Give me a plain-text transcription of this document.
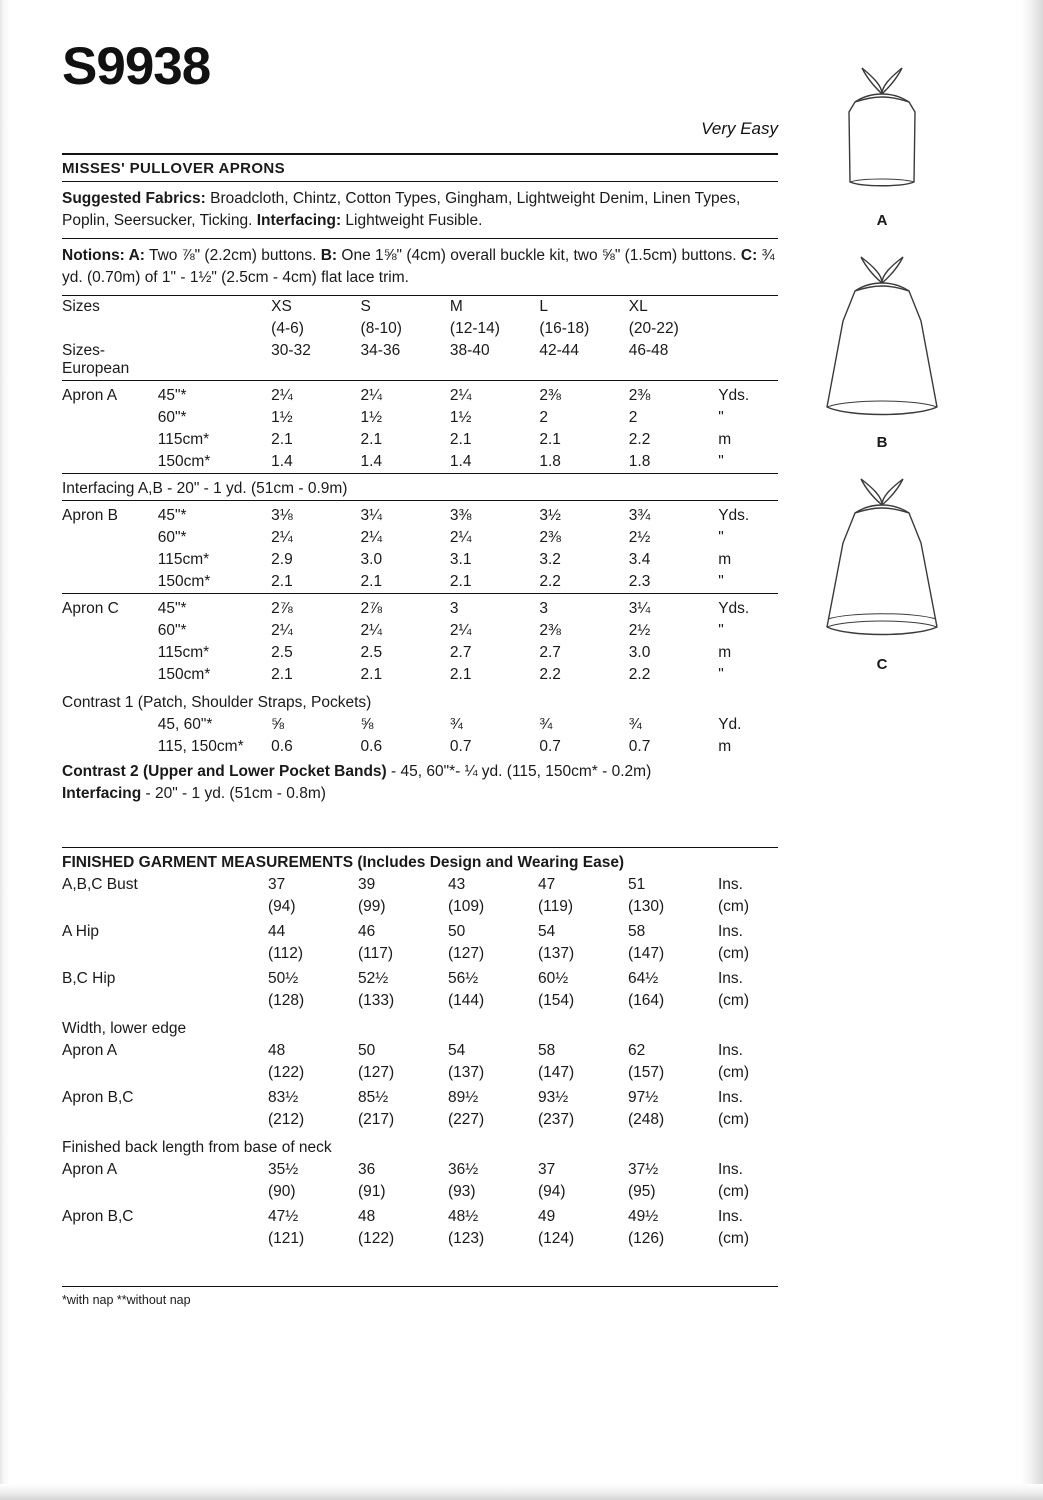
S9938
Very Easy
MISSES' PULLOVER APRONS
Suggested Fabrics: Broadcloth, Chintz, Cotton Types, Gingham, Lightweight Denim, Linen Types, Poplin, Seersucker, Ticking. Interfacing: Lightweight Fusible.
Notions: A: Two ⅞" (2.2cm) buttons. B: One 1⅝" (4cm) overall buckle kit, two ⅝" (1.5cm) buttons. C: ¾ yd. (0.70m) of 1" - 1½" (2.5cm - 4cm) flat lace trim.
Sizes		XS	S	M	L	XL	
		(4-6)	(8-10)	(12-14)	(16-18)	(20-22)	
Sizes-European		30-32	34-36	38-40	42-44	46-48	
Apron A	45"*	2¼	2¼	2¼	2⅜	2⅜	Yds.
	60"*	1½	1½	1½	2	2	"
	115cm*	2.1	2.1	2.1	2.1	2.2	m
	150cm*	1.4	1.4	1.4	1.8	1.8	"
Interfacing A,B - 20" - 1 yd. (51cm - 0.9m)							
Apron B	45"*	3⅛	3¼	3⅜	3½	3¾	Yds.
	60"*	2¼	2¼	2¼	2⅜	2½	"
	115cm*	2.9	3.0	3.1	3.2	3.4	m
	150cm*	2.1	2.1	2.1	2.2	2.3	"
Apron C	45"*	2⅞	2⅞	3	3	3¼	Yds.
	60"*	2¼	2¼	2¼	2⅜	2½	"
	115cm*	2.5	2.5	2.7	2.7	3.0	m
	150cm*	2.1	2.1	2.1	2.2	2.2	"
Contrast 1 (Patch, Shoulder Straps, Pockets)							
	45, 60"*	⅝	⅝	¾	¾	¾	Yd.
	115, 150cm*	0.6	0.6	0.7	0.7	0.7	m
Contrast 2 (Upper and Lower Pocket Bands) - 45, 60"*- ¼ yd. (115, 150cm* - 0.2m)
Interfacing - 20" - 1 yd. (51cm - 0.8m)
FINISHED GARMENT MEASUREMENTS (Includes Design and Wearing Ease)
A,B,C Bust	37	39	43	47	51	Ins.
	(94)	(99)	(109)	(119)	(130)	(cm)
A Hip	44	46	50	54	58	Ins.
	(112)	(117)	(127)	(137)	(147)	(cm)
B,C Hip	50½	52½	56½	60½	64½	Ins.
	(128)	(133)	(144)	(154)	(164)	(cm)
Width, lower edge						
Apron A	48	50	54	58	62	Ins.
	(122)	(127)	(137)	(147)	(157)	(cm)
Apron B,C	83½	85½	89½	93½	97½	Ins.
	(212)	(217)	(227)	(237)	(248)	(cm)
Finished back length from base of neck						
Apron A	35½	36	36½	37	37½	Ins.
	(90)	(91)	(93)	(94)	(95)	(cm)
Apron B,C	47½	48	48½	49	49½	Ins.
	(121)	(122)	(123)	(124)	(126)	(cm)
*with nap **without nap
A
B
C
